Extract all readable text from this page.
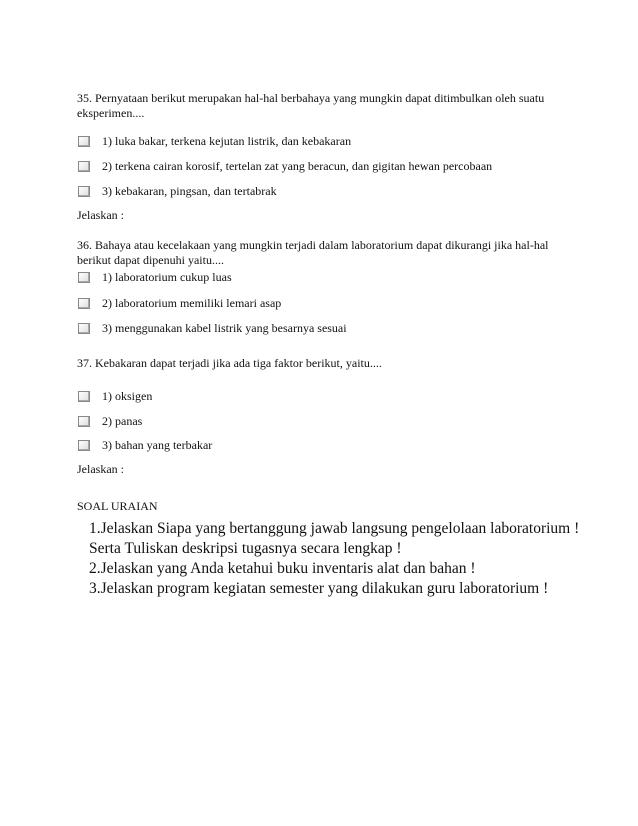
35. Pernyataan berikut merupakan hal-hal berbahaya yang mungkin dapat ditimbulkan oleh suatu eksperimen....
1) luka bakar, terkena kejutan listrik, dan kebakaran
2) terkena cairan korosif, tertelan zat yang beracun, dan gigitan hewan percobaan
3) kebakaran, pingsan, dan tertabrak
Jelaskan :
36. Bahaya atau kecelakaan yang mungkin terjadi dalam laboratorium dapat dikurangi jika hal-hal berikut dapat dipenuhi yaitu....
1) laboratorium cukup luas
2) laboratorium memiliki lemari asap
3) menggunakan kabel listrik yang besarnya sesuai
37. Kebakaran dapat terjadi jika ada tiga faktor berikut, yaitu....
1) oksigen
2) panas
3) bahan yang terbakar
Jelaskan :
SOAL URAIAN
1.Jelaskan Siapa yang bertanggung jawab langsung pengelolaan laboratorium !
Serta Tuliskan deskripsi tugasnya secara lengkap !
2.Jelaskan yang Anda ketahui buku inventaris alat dan bahan !
3.Jelaskan program kegiatan semester yang dilakukan guru laboratorium !
